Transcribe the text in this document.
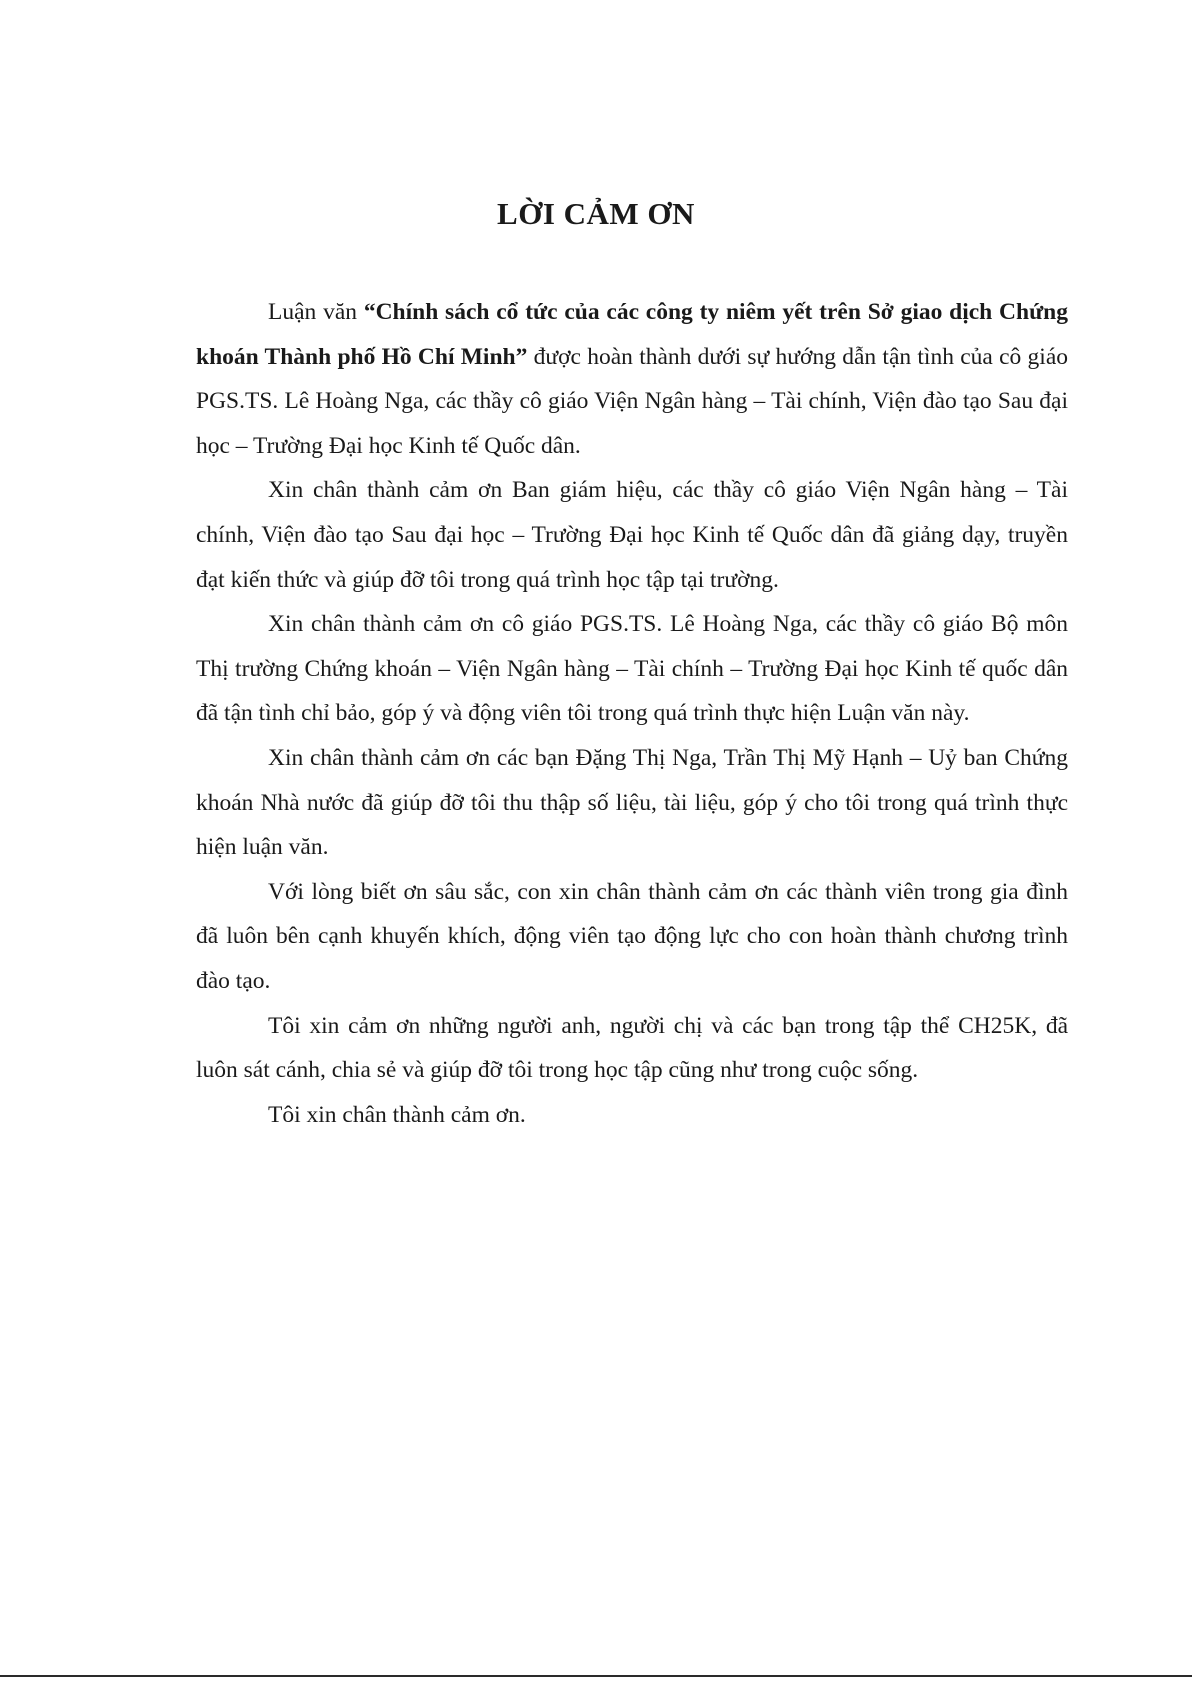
LỜI CẢM ƠN

Luận văn “Chính sách cổ tức của các công ty niêm yết trên Sở giao dịch Chứng khoán Thành phố Hồ Chí Minh” được hoàn thành dưới sự hướng dẫn tận tình của cô giáo PGS.TS. Lê Hoàng Nga, các thầy cô giáo Viện Ngân hàng – Tài chính, Viện đào tạo Sau đại học – Trường Đại học Kinh tế Quốc dân.

Xin chân thành cảm ơn Ban giám hiệu, các thầy cô giáo Viện Ngân hàng – Tài chính, Viện đào tạo Sau đại học – Trường Đại học Kinh tế Quốc dân đã giảng dạy, truyền đạt kiến thức và giúp đỡ tôi trong quá trình học tập tại trường.

Xin chân thành cảm ơn cô giáo PGS.TS. Lê Hoàng Nga, các thầy cô giáo Bộ môn Thị trường Chứng khoán – Viện Ngân hàng – Tài chính – Trường Đại học Kinh tế quốc dân đã tận tình chỉ bảo, góp ý và động viên tôi trong quá trình thực hiện Luận văn này.

Xin chân thành cảm ơn các bạn Đặng Thị Nga, Trần Thị Mỹ Hạnh – Uỷ ban Chứng khoán Nhà nước đã giúp đỡ tôi thu thập số liệu, tài liệu, góp ý cho tôi trong quá trình thực hiện luận văn.

Với lòng biết ơn sâu sắc, con xin chân thành cảm ơn các thành viên trong gia đình đã luôn bên cạnh khuyến khích, động viên tạo động lực cho con hoàn thành chương trình đào tạo.

Tôi xin cảm ơn những người anh, người chị và các bạn trong tập thể CH25K, đã luôn sát cánh, chia sẻ và giúp đỡ tôi trong học tập cũng như trong cuộc sống.

Tôi xin chân thành cảm ơn.
